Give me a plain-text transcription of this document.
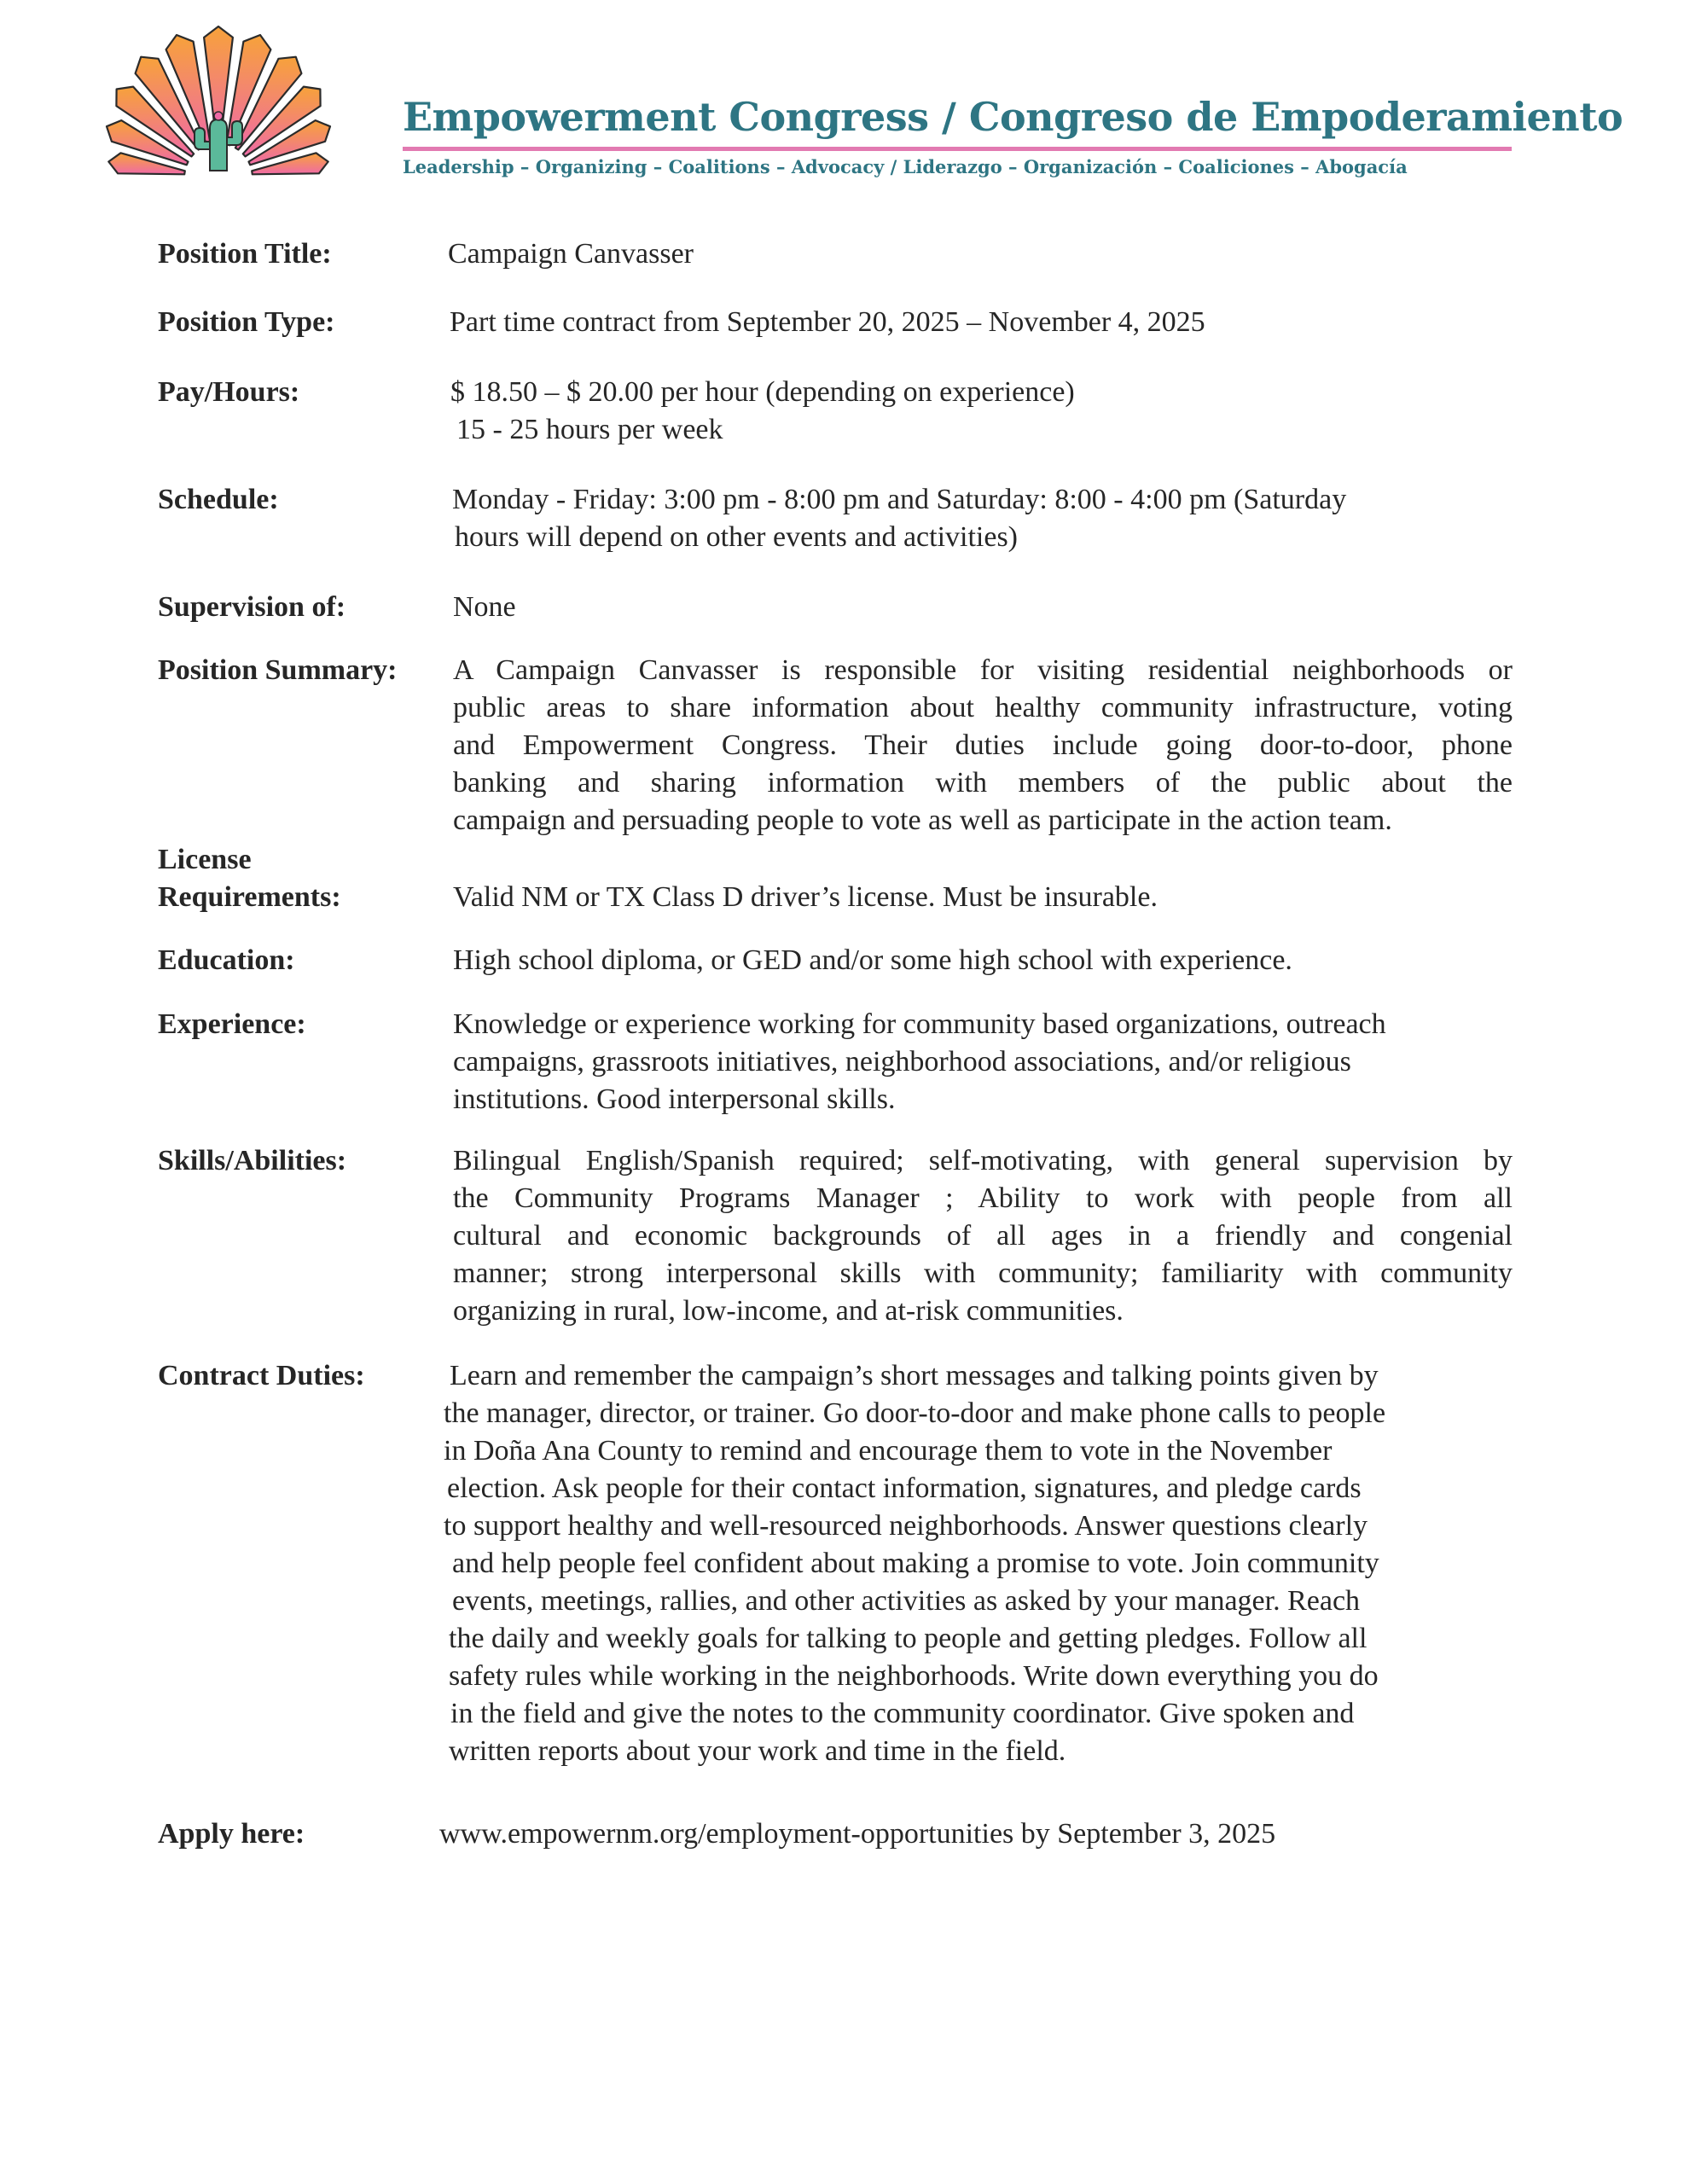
Empowerment Congress / Congreso de Empoderamiento

Leadership – Organizing – Coalitions – Advocacy / Liderazgo – Organización – Coaliciones – Abogacía

Position Title:	Campaign Canvasser

Position Type:	Part time contract from September 20, 2025 – November 4, 2025

Pay/Hours:	$ 18.50 – $ 20.00 per hour (depending on experience)
15 - 25 hours per week

Schedule:	Monday - Friday: 3:00 pm - 8:00 pm and Saturday: 8:00 - 4:00 pm (Saturday
hours will depend on other events and activities)

Supervision of:	None

Position Summary: A Campaign Canvasser is responsible for visiting residential neighborhoods or
public areas to share information about healthy community infrastructure, voting
and Empowerment Congress. Their duties include going door-to-door, phone
banking and sharing information with members of the public about the
campaign and persuading people to vote as well as participate in the action team.

License

Requirements:	Valid NM or TX Class D driver’s license. Must be insurable.

Education:	High school diploma, or GED and/or some high school with experience.

Experience:	Knowledge or experience working for community based organizations, outreach
campaigns, grassroots initiatives, neighborhood associations, and/or religious
institutions. Good interpersonal skills.

Skills/Abilities:	Bilingual English/Spanish required; self-motivating, with general supervision by
the Community Programs Manager ; Ability to work with people from all
cultural and economic backgrounds of all ages in a friendly and congenial
manner; strong interpersonal skills with community; familiarity with community
organizing in rural, low-income, and at-risk communities.

Contract Duties:	Learn and remember the campaign’s short messages and talking points given by
the manager, director, or trainer. Go door-to-door and make phone calls to people
in Doña Ana County to remind and encourage them to vote in the November
election. Ask people for their contact information, signatures, and pledge cards
to support healthy and well-resourced neighborhoods. Answer questions clearly
and help people feel confident about making a promise to vote. Join community
events, meetings, rallies, and other activities as asked by your manager. Reach
the daily and weekly goals for talking to people and getting pledges. Follow all
safety rules while working in the neighborhoods. Write down everything you do
in the field and give the notes to the community coordinator. Give spoken and
written reports about your work and time in the field.

Apply here:	www.empowernm.org/employment-opportunities by September 3, 2025
